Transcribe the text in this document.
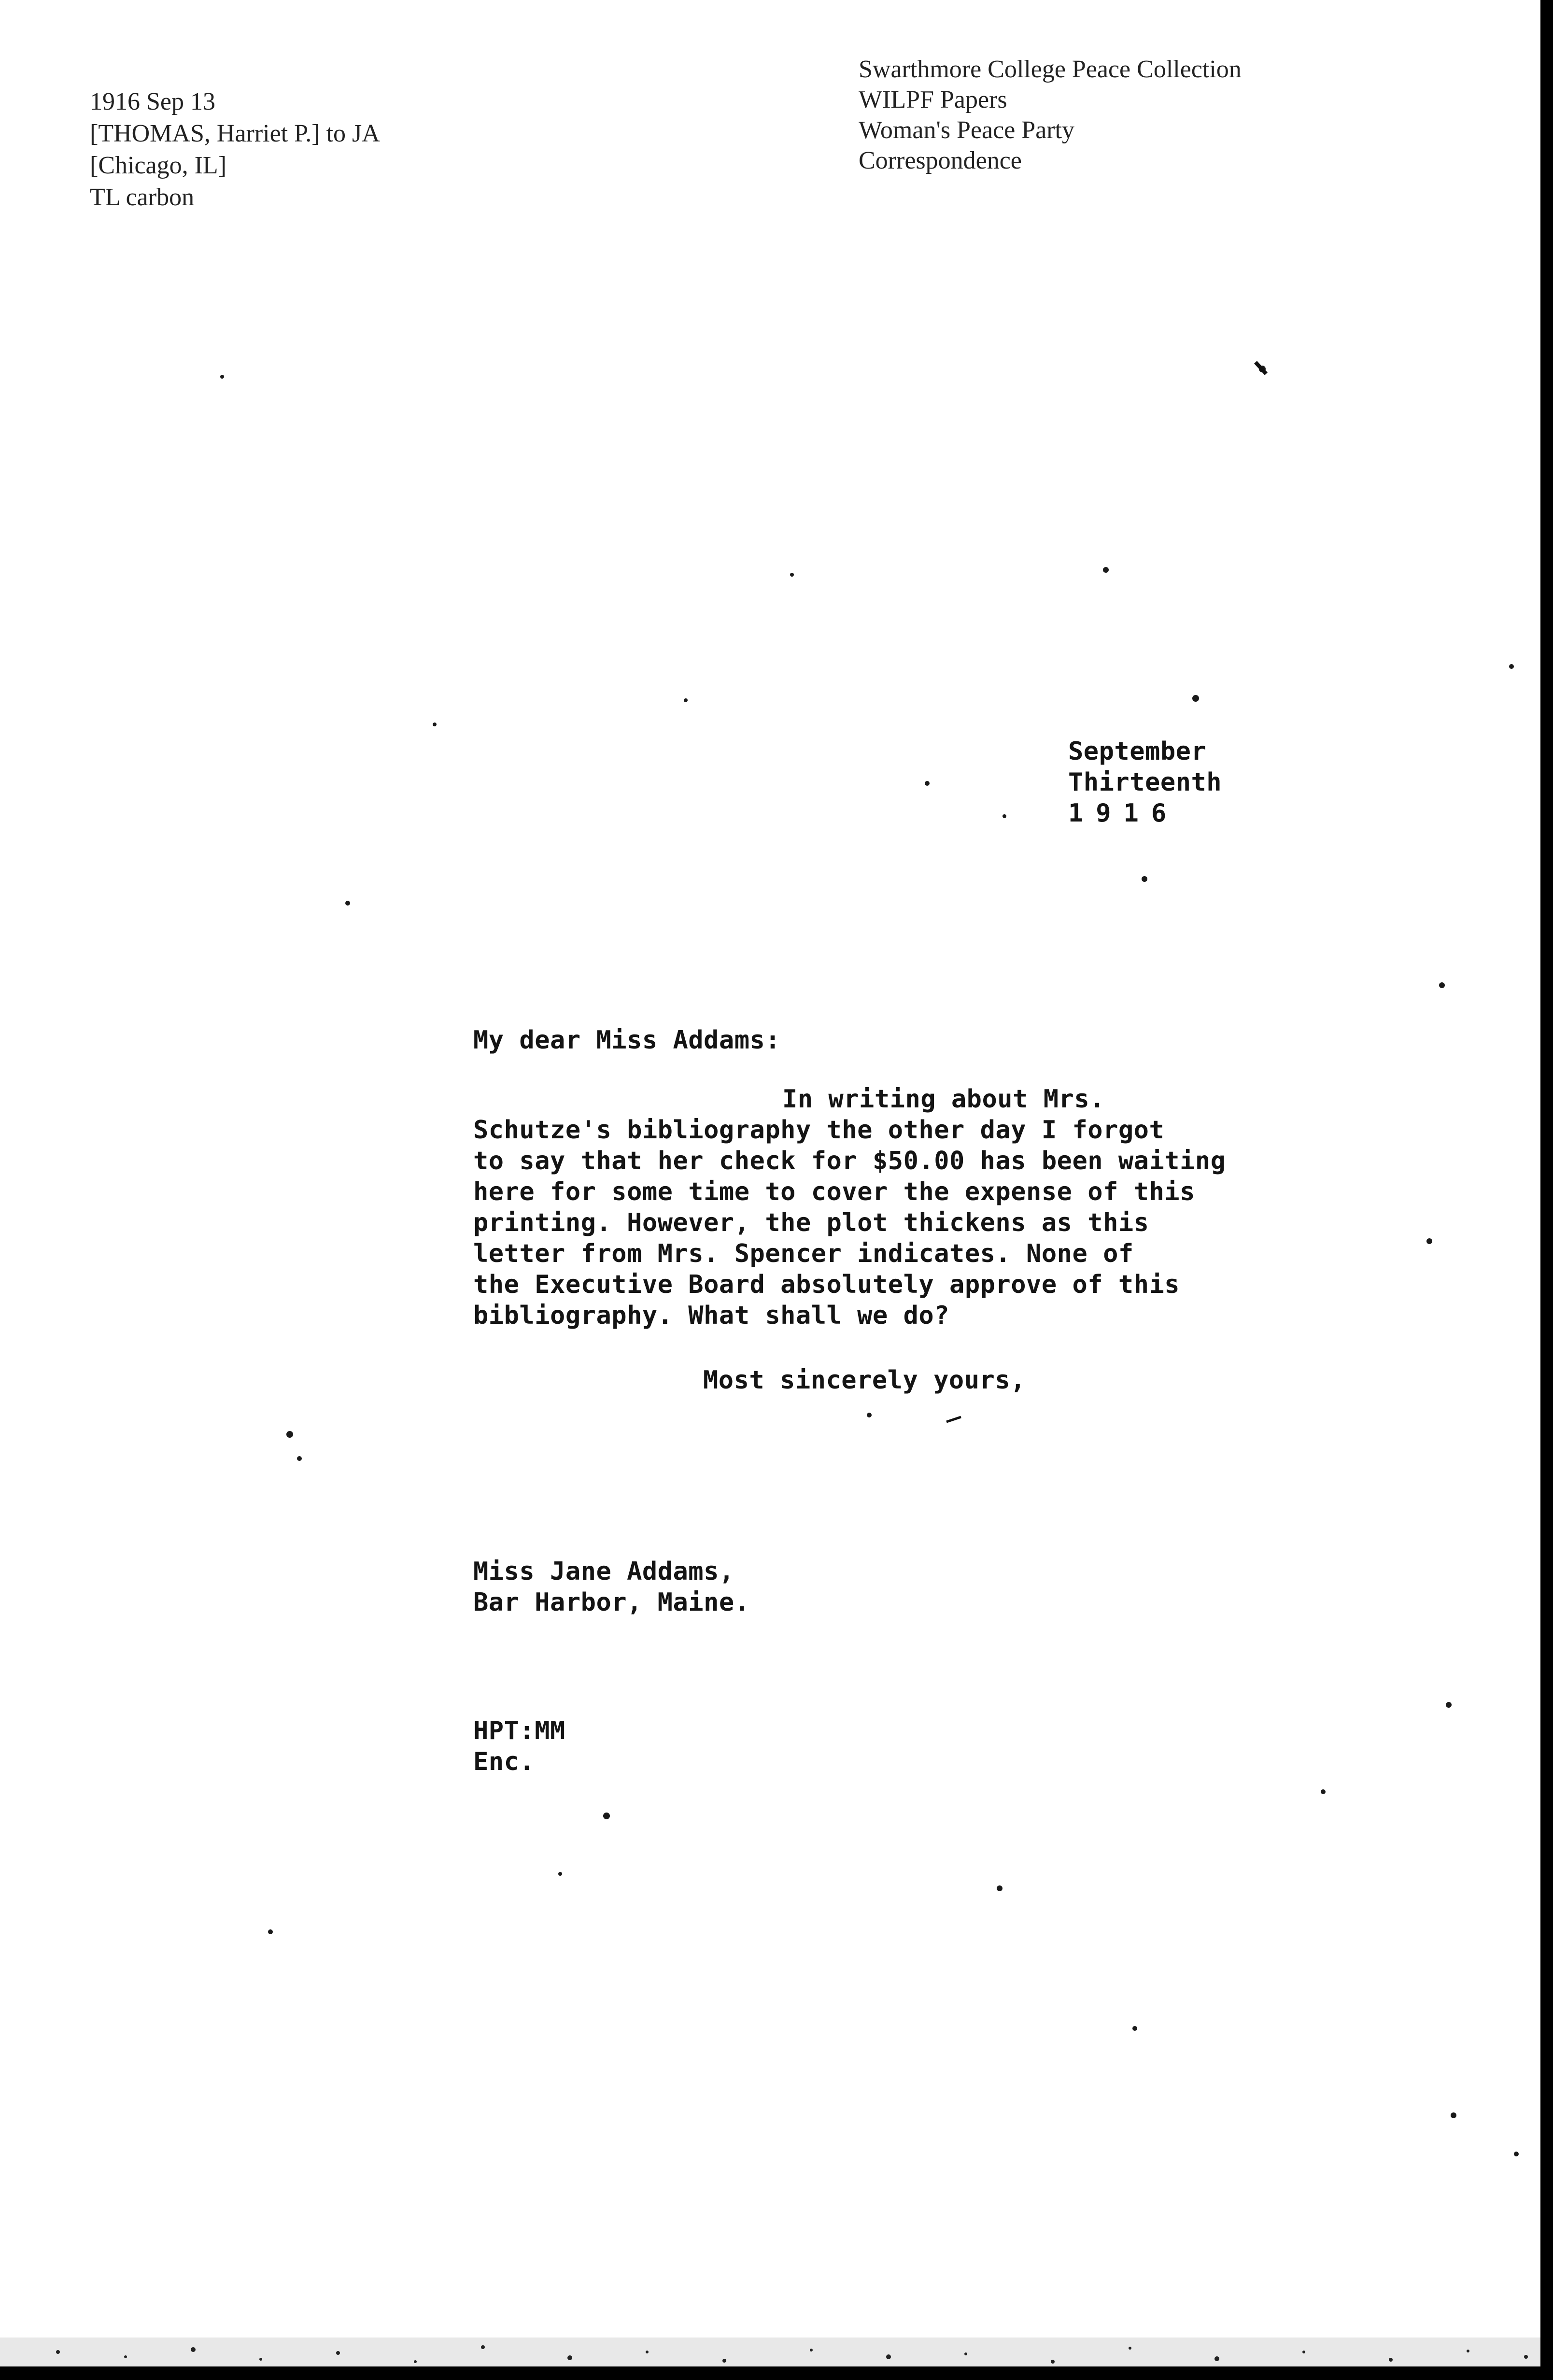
1916 Sep 13
[THOMAS, Harriet P.] to JA
[Chicago, IL]
TL carbon
Swarthmore College Peace Collection
WILPF Papers
Woman's Peace Party
Correspondence
September
Thirteenth
1916
My dear Miss Addams:
In writing about Mrs.
Schutze's bibliography the other day I forgot
to say that her check for $50.00 has been waiting
here for some time to cover the expense of this
printing. However, the plot thickens as this
letter from Mrs. Spencer indicates. None of
the Executive Board absolutely approve of this
bibliography. What shall we do?
Most sincerely yours,
Miss Jane Addams,
Bar Harbor, Maine.
HPT:MM
Enc.
